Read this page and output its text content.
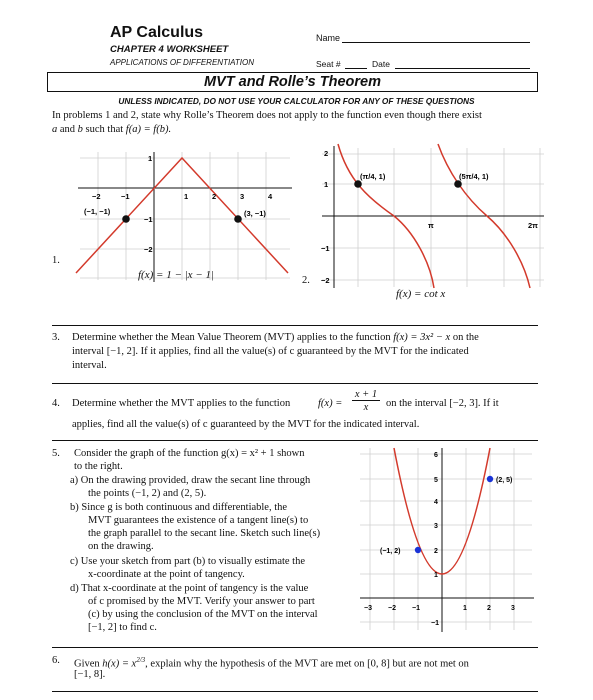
AP Calculus
CHAPTER 4 WORKSHEET
APPLICATIONS OF DIFFERENTIATION
Name
Seat #	Date
MVT and Rolle’s Theorem
UNLESS INDICATED, DO NOT USE YOUR CALCULATOR FOR ANY OF THESE QUESTIONS
In problems 1 and 2, state why Rolle’s Theorem does not apply to the function even though there exist
a and b such that f(a) = f(b).
−2	−1	1	2	3	4
1
−1
−2
(−1, −1)	(3, −1)
1.
f(x) = 1 − |x − 1|
2
1
−1
−2
π	2π
(π/4, 1)	(5π/4, 1)
2.
f(x) = cot x
3. Determine whether the Mean Value Theorem (MVT) applies to the function f(x) = 3x² − x on the
interval [−1, 2]. If it applies, find all the value(s) of c guaranteed by the MVT for the indicated
interval.
4. Determine whether the MVT applies to the function	f(x) =
x + 1
x	on the interval [−2, 3]. If it
applies, find all the value(s) of c guaranteed by the MVT for the indicated interval.
5. Consider the graph of the function g(x) = x² + 1 shown
to the right.
a) On the drawing provided, draw the secant line through
the points (−1, 2) and (2, 5).
b) Since g is both continuous and differentiable, the
MVT guarantees the existence of a tangent line(s) to
the graph parallel to the secant line. Sketch such line(s)
on the drawing.
c) Use your sketch from part (b) to visually estimate the
x-coordinate at the point of tangency.
d) That x-coordinate at the point of tangency is the value
of c promised by the MVT. Verify your answer to part
(c) by using the conclusion of the MVT on the interval
[−1, 2] to find c.
6
5
4
3
2
1
−1
−3 −2 −1	1	2	3
(−1, 2)
(2, 5)
6. Given $h(x) = x^{2/3}$, explain why the hypothesis of the MVT are met on [0, 8] but are not met on
[−1, 8].
